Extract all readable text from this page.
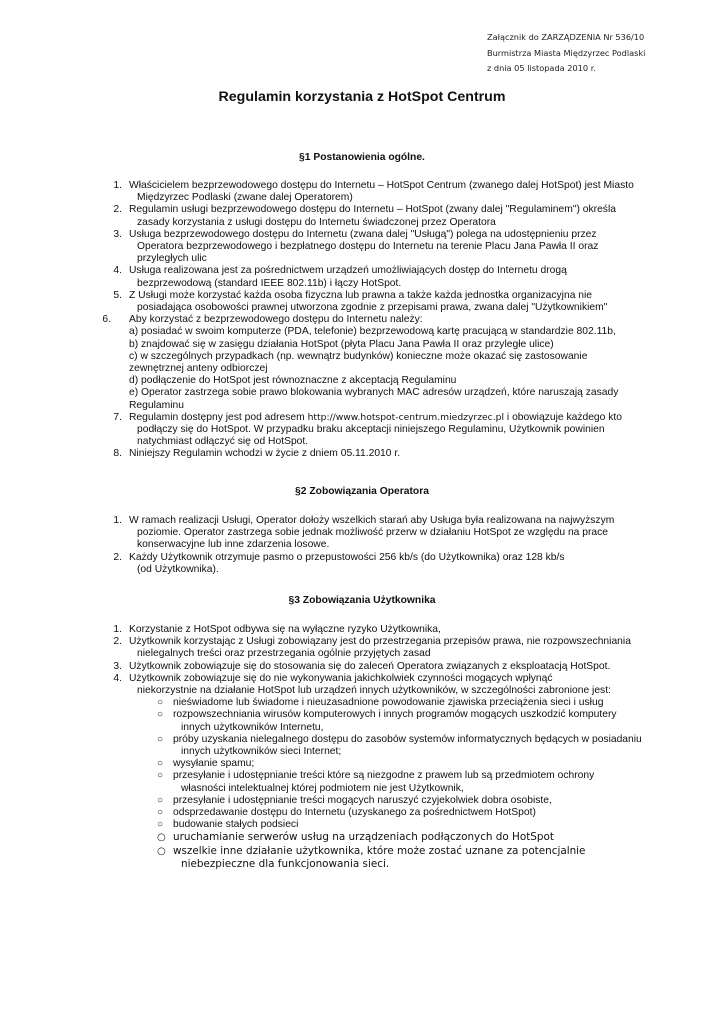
Załącznik do ZARZĄDZENIA Nr 536/10
Burmistrza Miasta Międzyrzec Podlaski
z dnia 05 listopada 2010 r.
Regulamin korzystania z HotSpot Centrum
§1 Postanowienia ogólne.
1. Właścicielem bezprzewodowego dostępu do Internetu – HotSpot Centrum (zwanego dalej HotSpot) jest Miasto
Międzyrzec Podlaski (zwane dalej Operatorem)
2. Regulamin usługi bezprzewodowego dostępu do Internetu – HotSpot (zwany dalej "Regulaminem") określa
zasady korzystania z usługi dostępu do Internetu świadczonej przez Operatora
3. Usługa bezprzewodowego dostępu do Internetu (zwana dalej "Usługą") polega na udostępnieniu przez
Operatora bezprzewodowego i bezpłatnego dostępu do Internetu na terenie Placu Jana Pawła II oraz
przyległych ulic
4. Usługa realizowana jest za pośrednictwem urządzeń umożliwiających dostęp do Internetu drogą
bezprzewodową (standard IEEE 802.11b) i łączy HotSpot.
5. Z Usługi może korzystać każda osoba fizyczna lub prawna a także każda jednostka organizacyjna nie
posiadająca osobowości prawnej utworzona zgodnie z przepisami prawa, zwana dalej "Użytkownikiem"
6. Aby korzystać z bezprzewodowego dostępu do Internetu należy:
a) posiadać w swoim komputerze (PDA, telefonie) bezprzewodową kartę pracującą w standardzie 802.11b,
b) znajdować się w zasięgu działania HotSpot (płyta Placu Jana Pawła II oraz przyległe ulice)
c) w szczególnych przypadkach (np. wewnątrz budynków) konieczne może okazać się zastosowanie
zewnętrznej anteny odbiorczej
d) podłączenie do HotSpot jest równoznaczne z akceptacją Regulaminu
e) Operator zastrzega sobie prawo blokowania wybranych MAC adresów urządzeń, które naruszają zasady
Regulaminu
7. Regulamin dostępny jest pod adresem http://www.hotspot-centrum.miedzyrzec.pl i obowiązuje każdego kto
podłączy się do HotSpot. W przypadku braku akceptacji niniejszego Regulaminu, Użytkownik powinien
natychmiast odłączyć się od HotSpot.
8. Niniejszy Regulamin wchodzi w życie z dniem 05.11.2010 r.
§2 Zobowiązania Operatora
1. W ramach realizacji Usługi, Operator dołoży wszelkich starań aby Usługa była realizowana na najwyższym
poziomie. Operator zastrzega sobie jednak możliwość przerw w działaniu HotSpot ze względu na prace
konserwacyjne lub inne zdarzenia losowe.
2. Każdy Użytkownik otrzymuje pasmo o przepustowości 256 kb/s (do Użytkownika) oraz 128 kb/s
(od Użytkownika).
§3 Zobowiązania Użytkownika
1. Korzystanie z HotSpot odbywa się na wyłączne ryzyko Użytkownika,
2. Użytkownik korzystając z Usługi zobowiązany jest do przestrzegania przepisów prawa, nie rozpowszechniania
nielegalnych treści oraz przestrzegania ogólnie przyjętych zasad
3. Użytkownik zobowiązuje się do stosowania się do zaleceń Operatora związanych z eksploatacją HotSpot.
4. Użytkownik zobowiązuje się do nie wykonywania jakichkolwiek czynności mogących wpłynąć
niekorzystnie na działanie HotSpot lub urządzeń innych użytkowników, w szczególności zabronione jest:
○ nieświadome lub świadome i nieuzasadnione powodowanie zjawiska przeciążenia sieci i usług
○ rozpowszechniania wirusów komputerowych i innych programów mogących uszkodzić komputery
innych użytkowników Internetu,
○ próby uzyskania nielegalnego dostępu do zasobów systemów informatycznych będących w posiadaniu
innych użytkowników sieci Internet;
○ wysyłanie spamu;
○ przesyłanie i udostępnianie treści które są niezgodne z prawem lub są przedmiotem ochrony
własności intelektualnej której podmiotem nie jest Użytkownik,
○ przesyłanie i udostępnianie treści mogących naruszyć czyjekolwiek dobra osobiste,
○ odsprzedawanie dostępu do Internetu (uzyskanego za pośrednictwem HotSpot)
○ budowanie stałych podsieci
○ uruchamianie serwerów usług na urządzeniach podłączonych do HotSpot
○ wszelkie inne działanie użytkownika, które może zostać uznane za potencjalnie
niebezpieczne dla funkcjonowania sieci.
